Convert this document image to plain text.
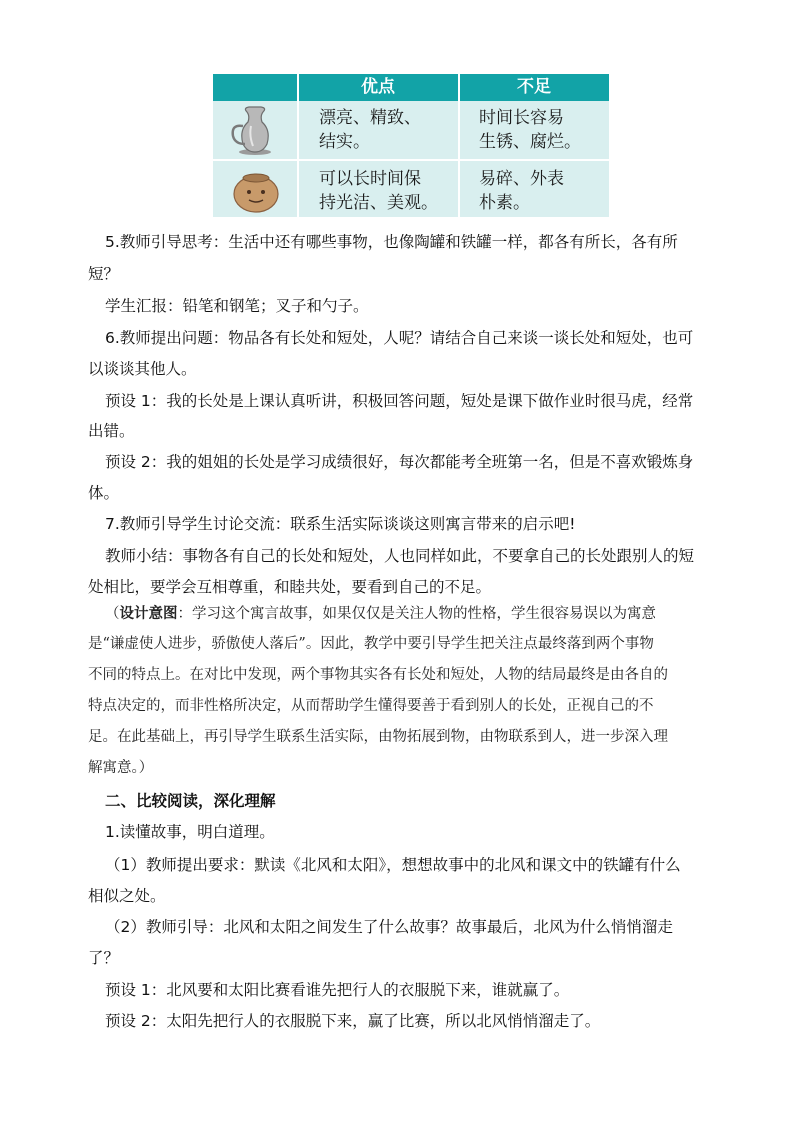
优点	不足
漂亮、精致、
结实。
时间长容易
生锈、腐烂。
可以长时间保
持光洁、美观。
易碎、外表
朴素。
5.教师引导思考：生活中还有哪些事物，也像陶罐和铁罐一样，都各有所长，各有所
短？
学生汇报：铅笔和钢笔；叉子和勺子。
6.教师提出问题：物品各有长处和短处，人呢？请结合自己来谈一谈长处和短处，也可
以谈谈其他人。
预设 1：我的长处是上课认真听讲，积极回答问题，短处是课下做作业时很马虎，经常
出错。
预设 2：我的姐姐的长处是学习成绩很好，每次都能考全班第一名，但是不喜欢锻炼身
体。
7.教师引导学生讨论交流：联系生活实际谈谈这则寓言带来的启示吧!
教师小结：事物各有自己的长处和短处，人也同样如此，不要拿自己的长处跟别人的短
处相比，要学会互相尊重，和睦共处，要看到自己的不足。
（设计意图：学习这个寓言故事，如果仅仅是关注人物的性格，学生很容易误以为寓意
是“谦虚使人进步，骄傲使人落后”。因此，教学中要引导学生把关注点最终落到两个事物
不同的特点上。在对比中发现，两个事物其实各有长处和短处，人物的结局最终是由各自的
特点决定的，而非性格所决定，从而帮助学生懂得要善于看到别人的长处，正视自己的不
足。在此基础上，再引导学生联系生活实际，由物拓展到物，由物联系到人，进一步深入理
解寓意。）
二、比较阅读，深化理解
1.读懂故事，明白道理。
（1）教师提出要求：默读《北风和太阳》，想想故事中的北风和课文中的铁罐有什么
相似之处。
（2）教师引导：北风和太阳之间发生了什么故事？故事最后，北风为什么悄悄溜走
了？
预设 1：北风要和太阳比赛看谁先把行人的衣服脱下来，谁就赢了。
预设 2：太阳先把行人的衣服脱下来，赢了比赛，所以北风悄悄溜走了。
